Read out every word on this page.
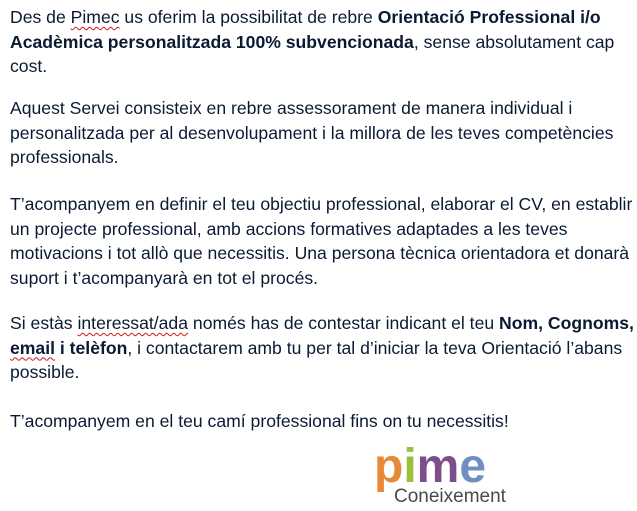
Des de Pimec us oferim la possibilitat de rebre Orientació Professional i/o Acadèmica personalitzada 100% subvencionada, sense absolutament cap cost.

Aquest Servei consisteix en rebre assessorament de manera individual i personalitzada per al desenvolupament i la millora de les teves competències professionals.

T’acompanyem en definir el teu objectiu professional, elaborar el CV, en establir un projecte professional, amb accions formatives adaptades a les teves motivacions i tot allò que necessitis. Una persona tècnica orientadora et donarà suport i t’acompanyarà en tot el procés.

Si estàs interessat/ada només has de contestar indicant el teu Nom, Cognoms, email i telèfon, i contactarem amb tu per tal d’iniciar la teva Orientació l’abans possible.

T’acompanyem en el teu camí professional fins on tu necessitis!

pime
Coneixement
